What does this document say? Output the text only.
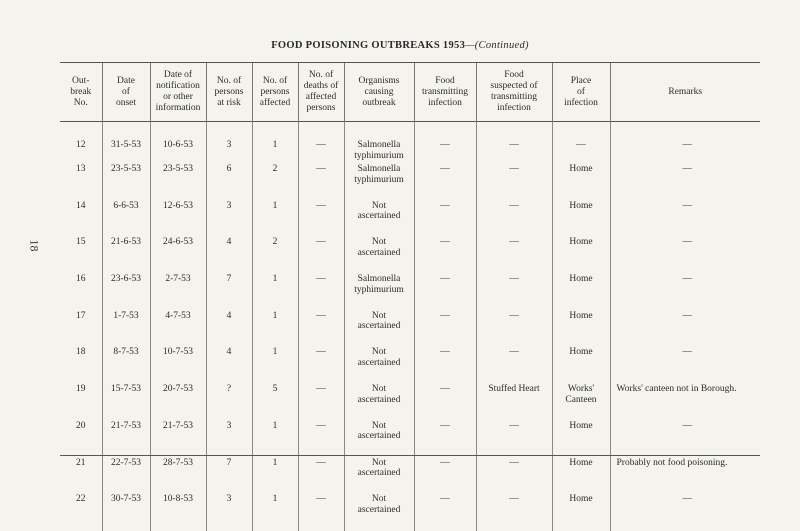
18
FOOD POISONING OUTBREAKS 1953—(Continued)
Out-
break
No.	Date
of
onset	Date of
notification
or other
information	No. of
persons
at risk	No. of
persons
affected	No. of
deaths of
affected
persons	Organisms
causing
outbreak	Food
transmitting
infection	Food
suspected of
transmitting
infection	Place
of
infection	Remarks
12	31-5-53	10-6-53	3	1	—	Salmonella
typhimurium	—	—	—	—
13	23-5-53	23-5-53	6	2	—	Salmonella
typhimurium	—	—	Home	—
14	6-6-53	12-6-53	3	1	—	Not
ascertained	—	—	Home	—
15	21-6-53	24-6-53	4	2	—	Not
ascertained	—	—	Home	—
16	23-6-53	2-7-53	7	1	—	Salmonella
typhimurium	—	—	Home	—
17	1-7-53	4-7-53	4	1	—	Not
ascertained	—	—	Home	—
18	8-7-53	10-7-53	4	1	—	Not
ascertained	—	—	Home	—
19	15-7-53	20-7-53	?	5	—	Not
ascertained	—	Stuffed Heart	Works'
Canteen	Works' canteen not in Borough.
20	21-7-53	21-7-53	3	1	—	Not
ascertained	—	—	Home	—
21	22-7-53	28-7-53	7	1	—	Not
ascertained	—	—	Home	Probably not food poisoning.
22	30-7-53	10-8-53	3	1	—	Not
ascertained	—	—	Home	—
